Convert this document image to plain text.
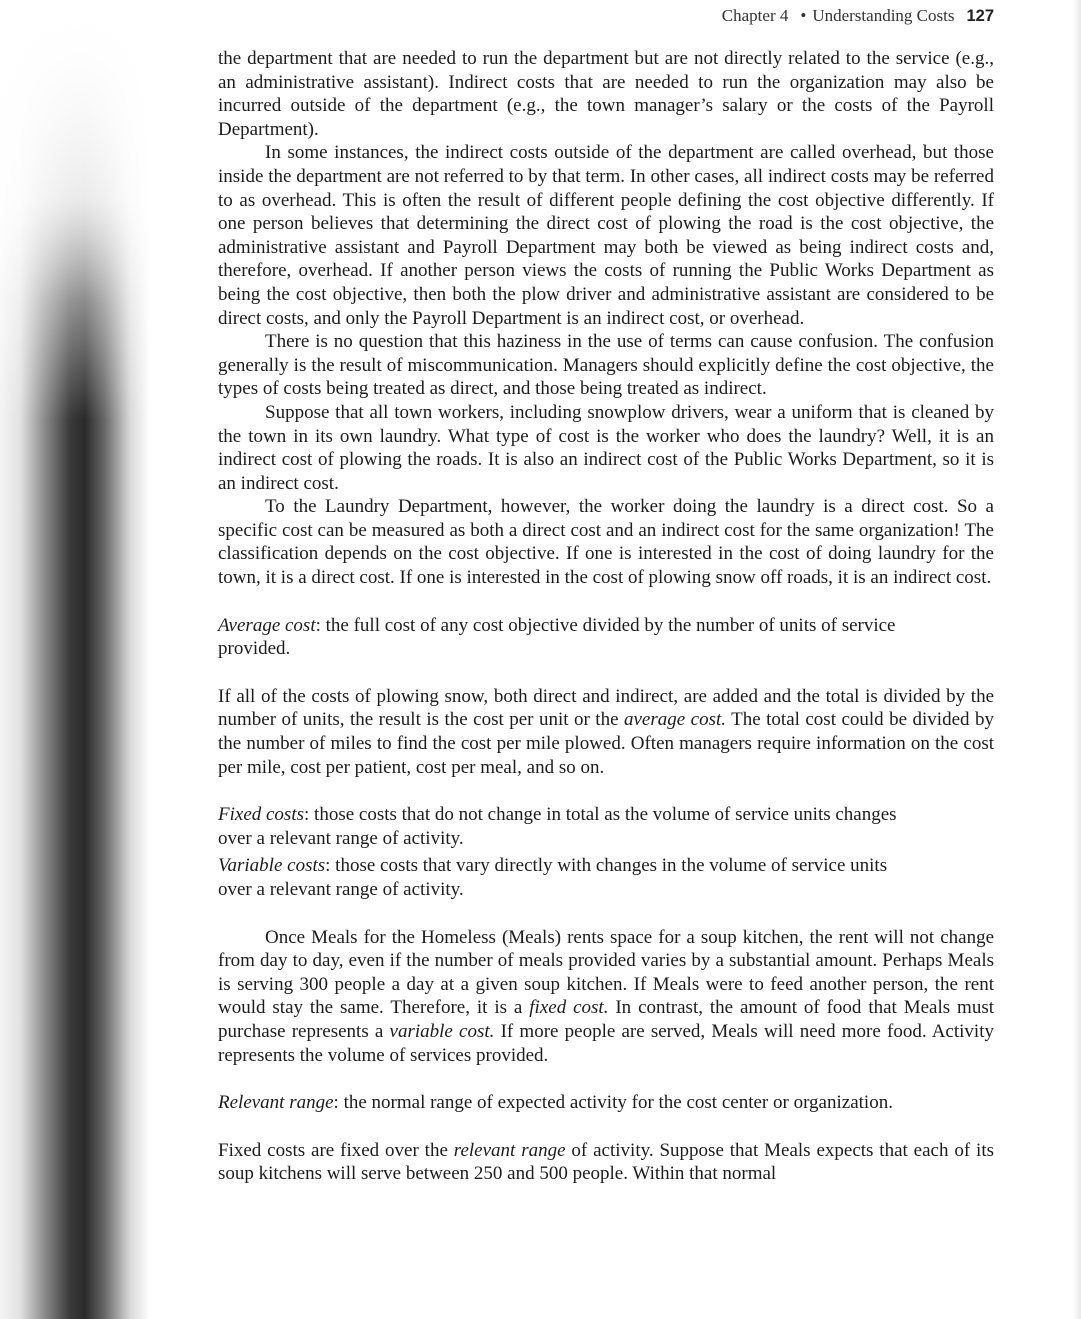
Chapter 4 • Understanding Costs 127

the department that are needed to run the department but are not directly related to the service (e.g., an administrative assistant). Indirect costs that are needed to run the organization may also be incurred outside of the department (e.g., the town manager’s salary or the costs of the Payroll Department).

In some instances, the indirect costs outside of the department are called overhead, but those inside the department are not referred to by that term. In other cases, all indirect costs may be referred to as overhead. This is often the result of different people defining the cost objective differently. If one person believes that determining the direct cost of plowing the road is the cost objective, the administrative assistant and Payroll Department may both be viewed as being indirect costs and, therefore, overhead. If another person views the costs of running the Public Works Department as being the cost objective, then both the plow driver and administrative assistant are considered to be direct costs, and only the Payroll Department is an indirect cost, or overhead.

There is no question that this haziness in the use of terms can cause confusion. The confusion generally is the result of miscommunication. Managers should explicitly define the cost objective, the types of costs being treated as direct, and those being treated as indirect.

Suppose that all town workers, including snowplow drivers, wear a uniform that is cleaned by the town in its own laundry. What type of cost is the worker who does the laundry? Well, it is an indirect cost of plowing the roads. It is also an indirect cost of the Public Works Department, so it is an indirect cost.

To the Laundry Department, however, the worker doing the laundry is a direct cost. So a specific cost can be measured as both a direct cost and an indirect cost for the same organization! The classification depends on the cost objective. If one is interested in the cost of doing laundry for the town, it is a direct cost. If one is interested in the cost of plowing snow off roads, it is an indirect cost.

Average cost: the full cost of any cost objective divided by the number of units of service provided.

If all of the costs of plowing snow, both direct and indirect, are added and the total is divided by the number of units, the result is the cost per unit or the average cost. The total cost could be divided by the number of miles to find the cost per mile plowed. Often managers require information on the cost per mile, cost per patient, cost per meal, and so on.

Fixed costs: those costs that do not change in total as the volume of service units changes over a relevant range of activity.

Variable costs: those costs that vary directly with changes in the volume of service units over a relevant range of activity.

Once Meals for the Homeless (Meals) rents space for a soup kitchen, the rent will not change from day to day, even if the number of meals provided varies by a substantial amount. Perhaps Meals is serving 300 people a day at a given soup kitchen. If Meals were to feed another person, the rent would stay the same. Therefore, it is a fixed cost. In contrast, the amount of food that Meals must purchase represents a variable cost. If more people are served, Meals will need more food. Activity represents the volume of services provided.

Relevant range: the normal range of expected activity for the cost center or organization.

Fixed costs are fixed over the relevant range of activity. Suppose that Meals expects that each of its soup kitchens will serve between 250 and 500 people. Within that normal
